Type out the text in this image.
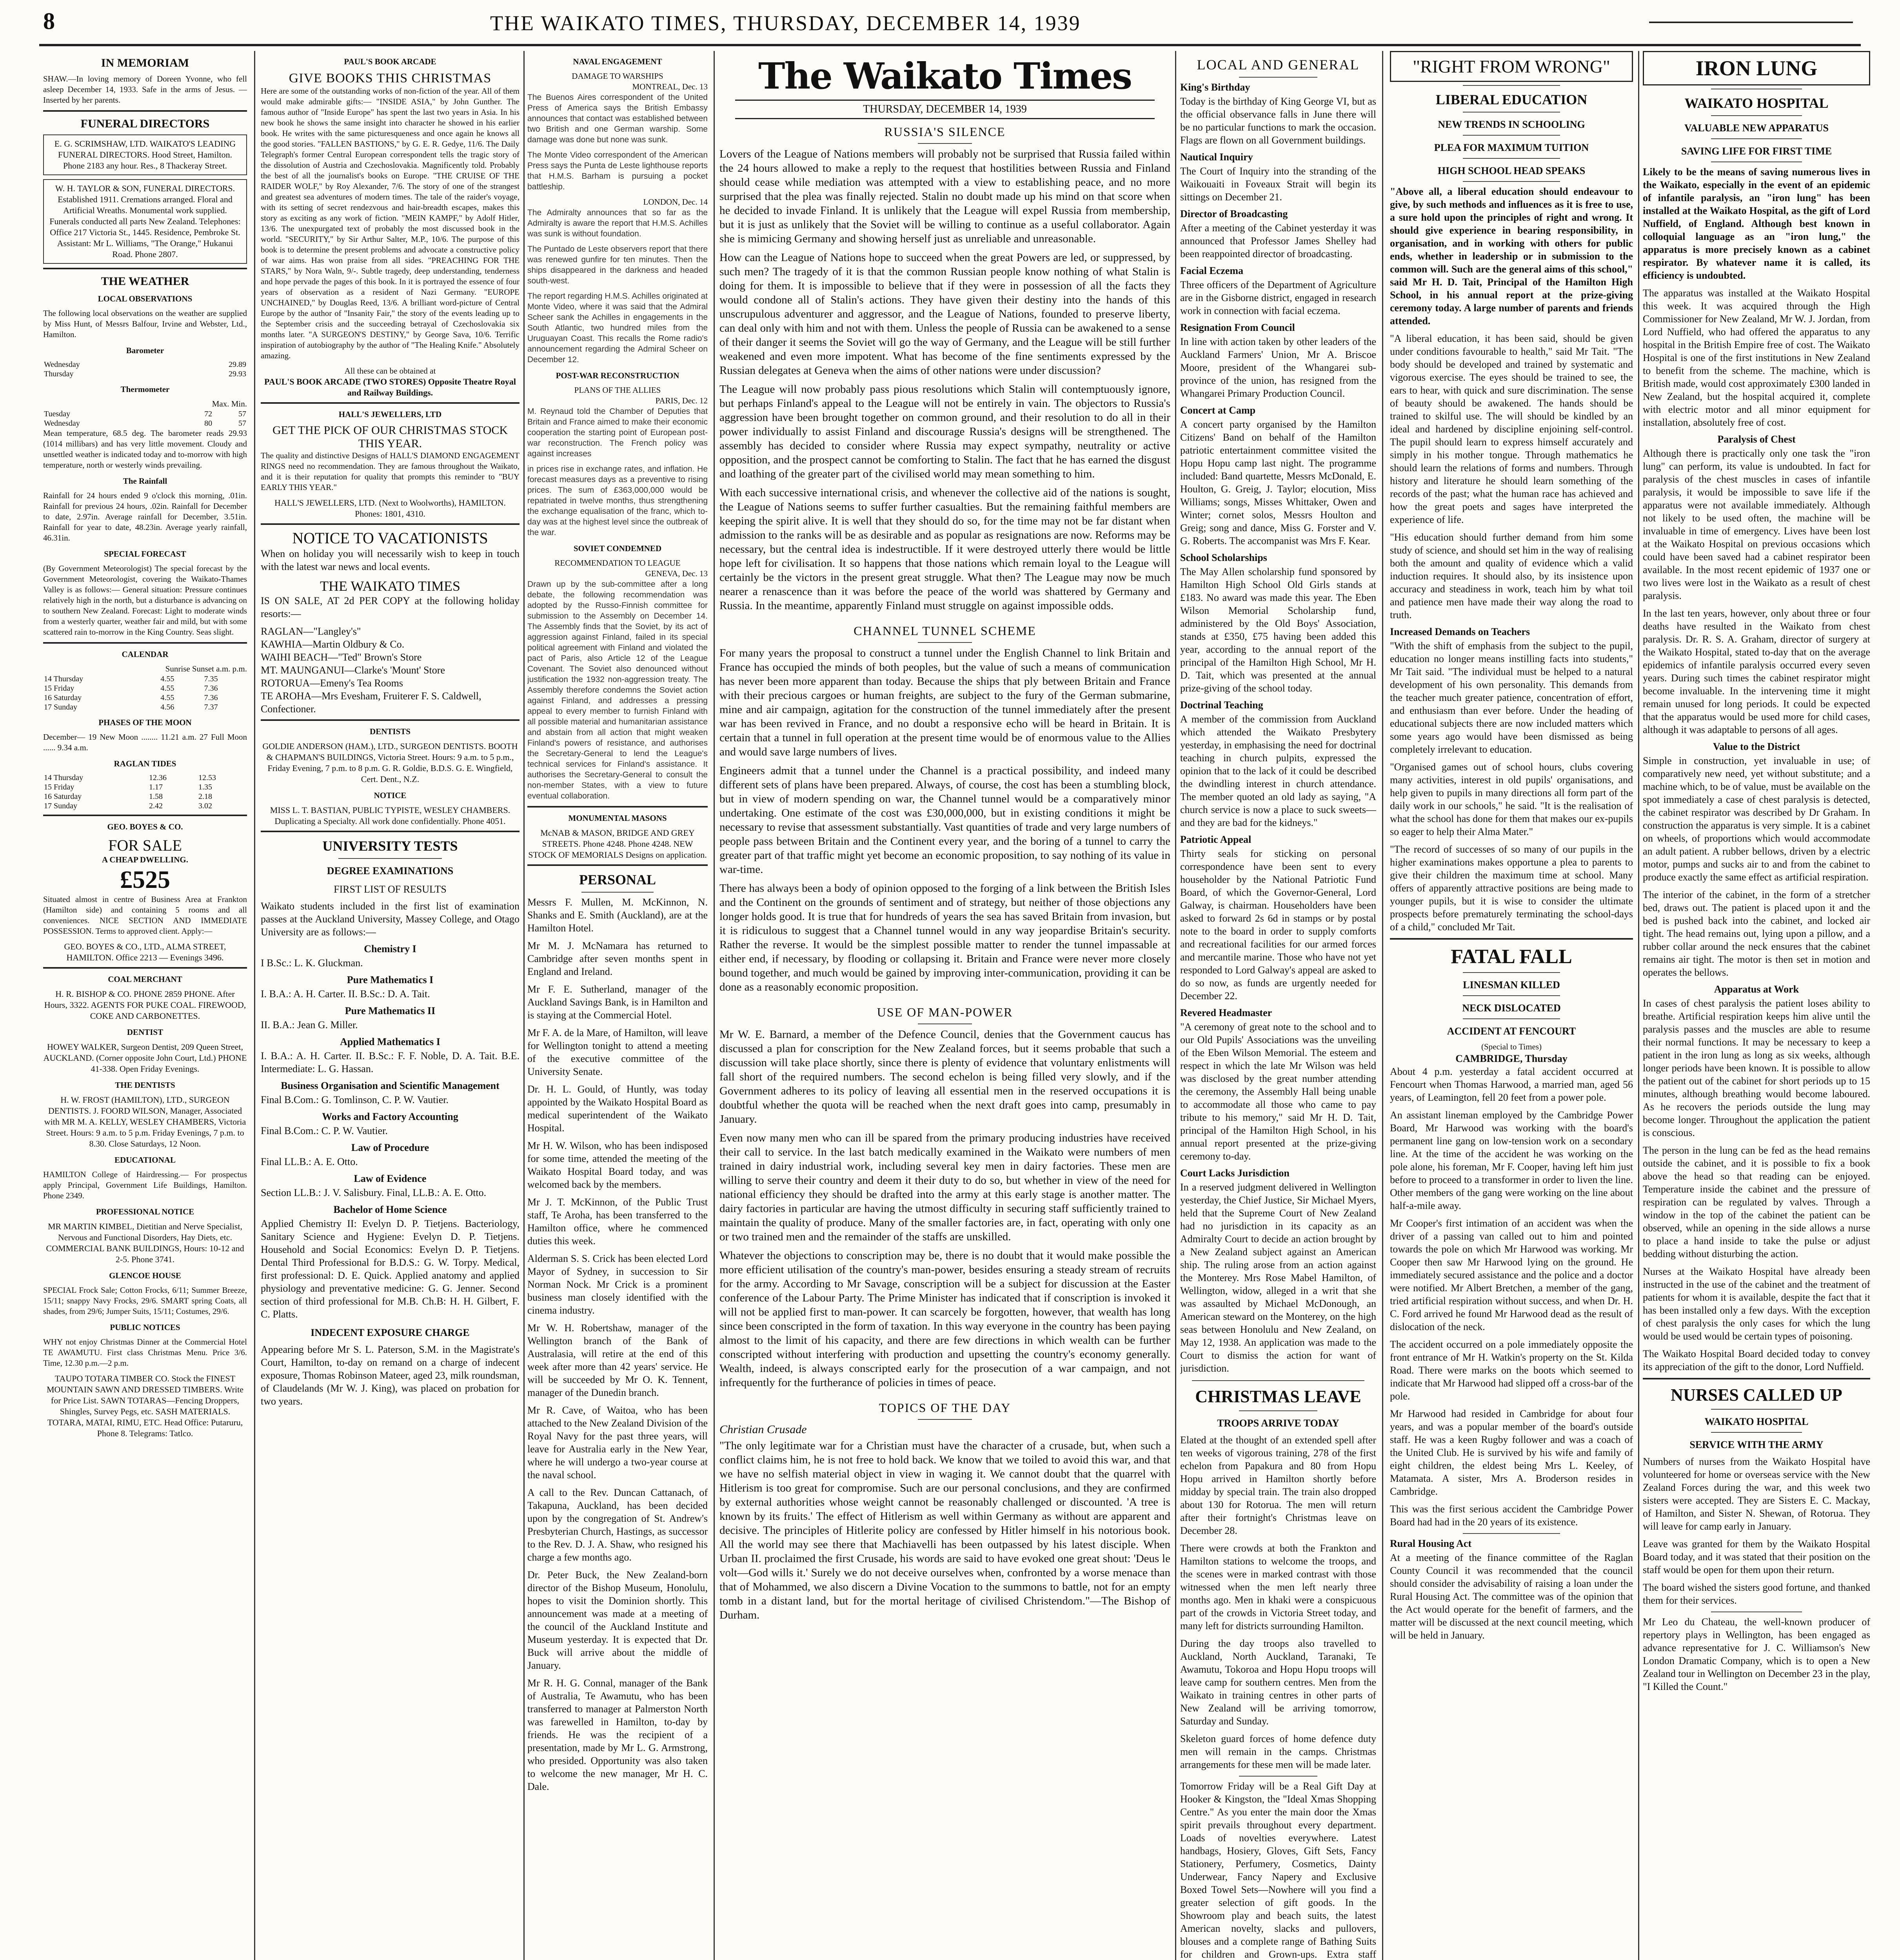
8	THE WAIKATO TIMES, THURSDAY, DECEMBER 14, 1939
IN MEMORIAM

SHAW.—In loving memory of Doreen Yvonne, who fell asleep December 14, 1933. Safe in the arms of Jesus. —Inserted by her parents.

FUNERAL DIRECTORS
E. G. SCRIMSHAW, LTD. WAIKATO'S LEADING FUNERAL DIRECTORS. Hood Street, Hamilton. Phone 2183 any hour. Res., 8 Thackeray Street.
W. H. TAYLOR & SON, FUNERAL DIRECTORS. Established 1911. Cremations arranged. Floral and Artificial Wreaths. Monumental work supplied. Funerals conducted all parts New Zealand. Telephones: Office 217 Victoria St., 1445. Residence, Pembroke St. Assistant: Mr L. Williams, "The Orange," Hukanui Road. Phone 2807.
THE WEATHER
LOCAL OBSERVATIONS

The following local observations on the weather are supplied by Miss Hunt, of Messrs Balfour, Irvine and Webster, Ltd., Hamilton.

Barometer
Wednesday	29.89
Thursday	29.93
Thermometer
Max. Min.
Tuesday	72	57
Wednesday	80	57

Mean temperature, 68.5 deg. The barometer reads 29.93 (1014 millibars) and has very little movement. Cloudy and unsettled weather is indicated today and to-morrow with high temperature, north or westerly winds prevailing.

The Rainfall

Rainfall for 24 hours ended 9 o'clock this morning, .01in. Rainfall for previous 24 hours, .02in. Rainfall for December to date, 2.97in. Average rainfall for December, 3.51in. Rainfall for year to date, 48.23in. Average yearly rainfall, 46.31in.

SPECIAL FORECAST

(By Government Meteorologist) The special forecast by the Government Meteorologist, covering the Waikato-Thames Valley is as follows:— General situation: Pressure continues relatively high in the north, but a disturbance is advancing on to southern New Zealand. Forecast: Light to moderate winds from a westerly quarter, weather fair and mild, but with some scattered rain to-morrow in the King Country. Seas slight.

CALENDAR
Sunrise Sunset a.m. p.m.
14 Thursday	4.55	7.35
15 Friday	4.55	7.36
16 Saturday	4.55	7.36
17 Sunday	4.56	7.37
PHASES OF THE MOON

December— 19 New Moon ........ 11.21 a.m. 27 Full Moon ...... 9.34 a.m.

RAGLAN TIDES
14 Thursday	12.36	12.53
15 Friday	1.17	1.35
16 Saturday	1.58	2.18
17 Sunday	2.42	3.02
GEO. BOYES & CO.
FOR SALE
A CHEAP DWELLING.
£525

Situated almost in centre of Business Area at Frankton (Hamilton side) and containing 5 rooms and all conveniences. NICE SECTION AND IMMEDIATE POSSESSION. Terms to approved client. Apply:—

GEO. BOYES & CO., LTD., ALMA STREET, HAMILTON. Office 2213 — Evenings 3496.
COAL MERCHANT
H. R. BISHOP & CO. PHONE 2859 PHONE. After Hours, 3322. AGENTS FOR PUKE COAL. FIREWOOD, COKE AND CARBONETTES.
DENTIST
HOWEY WALKER, Surgeon Dentist, 209 Queen Street, AUCKLAND. (Corner opposite John Court, Ltd.) PHONE 41-338. Open Friday Evenings.
THE DENTISTS
H. W. FROST (HAMILTON), LTD., SURGEON DENTISTS. J. FOORD WILSON, Manager, Associated with MR M. A. KELLY, WESLEY CHAMBERS, Victoria Street. Hours: 9 a.m. to 5 p.m. Friday Evenings, 7 p.m. to 8.30. Close Saturdays, 12 Noon.
EDUCATIONAL

HAMILTON College of Hairdressing.— For prospectus apply Principal, Government Life Buildings, Hamilton. Phone 2349.

PROFESSIONAL NOTICE
MR MARTIN KIMBEL, Dietitian and Nerve Specialist, Nervous and Functional Disorders, Hay Diets, etc. COMMERCIAL BANK BUILDINGS, Hours: 10-12 and 2-5. Phone 3741.
GLENCOE HOUSE

SPECIAL Frock Sale; Cotton Frocks, 6/11; Summer Breeze, 15/11; snappy Navy Frocks, 29/6. SMART spring Coats, all shades, from 29/6; Jumper Suits, 15/11; Costumes, 29/6.

PUBLIC NOTICES

WHY not enjoy Christmas Dinner at the Commercial Hotel TE AWAMUTU. First class Christmas Menu. Price 3/6. Time, 12.30 p.m.—2 p.m.

TAUPO TOTARA TIMBER CO. Stock the FINEST MOUNTAIN SAWN AND DRESSED TIMBERS. Write for Price List. SAWN TOTARAS—Fencing Droppers, Shingles, Survey Pegs, etc. SASH MATERIALS. TOTARA, MATAI, RIMU, ETC. Head Office: Putaruru, Phone 8. Telegrams: Tatlco.
PAUL'S BOOK ARCADE
GIVE BOOKS THIS CHRISTMAS

Here are some of the outstanding works of non-fiction of the year. All of them would make admirable gifts:— "INSIDE ASIA," by John Gunther. The famous author of "Inside Europe" has spent the last two years in Asia. In his new book he shows the same insight into character he showed in his earlier book. He writes with the same picturesqueness and once again he knows all the good stories. "FALLEN BASTIONS," by G. E. R. Gedye, 11/6. The Daily Telegraph's former Central European correspondent tells the tragic story of the dissolution of Austria and Czechoslovakia. Magnificently told. Probably the best of all the journalist's books on Europe. "THE CRUISE OF THE RAIDER WOLF," by Roy Alexander, 7/6. The story of one of the strangest and greatest sea adventures of modern times. The tale of the raider's voyage, with its setting of secret rendezvous and hair-breadth escapes, makes this story as exciting as any work of fiction. "MEIN KAMPF," by Adolf Hitler, 13/6. The unexpurgated text of probably the most discussed book in the world. "SECURITY," by Sir Arthur Salter, M.P., 10/6. The purpose of this book is to determine the present problems and advocate a constructive policy of war aims. Has won praise from all sides. "PREACHING FOR THE STARS," by Nora Waln, 9/-. Subtle tragedy, deep understanding, tenderness and hope pervade the pages of this book. In it is portrayed the essence of four years of observation as a resident of Nazi Germany. "EUROPE UNCHAINED," by Douglas Reed, 13/6. A brilliant word-picture of Central Europe by the author of "Insanity Fair," the story of the events leading up to the September crisis and the succeeding betrayal of Czechoslovakia six months later. "A SURGEON'S DESTINY," by George Sava, 10/6. Terrific inspiration of autobiography by the author of "The Healing Knife." Absolutely amazing.

All these can be obtained at
PAUL'S BOOK ARCADE (TWO STORES) Opposite Theatre Royal and Railway Buildings.
HALL'S JEWELLERS, LTD
GET THE PICK OF OUR CHRISTMAS STOCK THIS YEAR.

The quality and distinctive Designs of HALL'S DIAMOND ENGAGEMENT RINGS need no recommendation. They are famous throughout the Waikato, and it is their reputation for quality that prompts this reminder to "BUY EARLY THIS YEAR."

HALL'S JEWELLERS, LTD. (Next to Woolworths), HAMILTON. Phones: 1801, 4310.
NOTICE TO VACATIONISTS

When on holiday you will necessarily wish to keep in touch with the latest war news and local events.

THE WAIKATO TIMES

IS ON SALE, AT 2d PER COPY at the following holiday resorts:—

RAGLAN—"Langley's"
KAWHIA—Martin Oldbury & Co.
WAIHI BEACH—"Ted" Brown's Store
MT. MAUNGANUI—Clarke's 'Mount' Store
ROTORUA—Emeny's Tea Rooms
TE AROHA—Mrs Evesham, Fruiterer F. S. Caldwell, Confectioner.
DENTISTS
GOLDIE ANDERSON (HAM.), LTD., SURGEON DENTISTS. BOOTH & CHAPMAN'S BUILDINGS, Victoria Street. Hours: 9 a.m. to 5 p.m., Friday Evening, 7 p.m. to 8 p.m. G. R. Goldie, B.D.S. G. E. Wingfield, Cert. Dent., N.Z.
NOTICE
MISS L. T. BASTIAN, PUBLIC TYPISTE, WESLEY CHAMBERS. Duplicating a Specialty. All work done confidentially. Phone 4051.
UNIVERSITY TESTS
DEGREE EXAMINATIONS
FIRST LIST OF RESULTS

Waikato students included in the first list of examination passes at the Auckland University, Massey College, and Otago University are as follows:—

Chemistry I

I B.Sc.: L. K. Gluckman.

Pure Mathematics I

I. B.A.: A. H. Carter. II. B.Sc.: D. A. Tait.

Pure Mathematics II

II. B.A.: Jean G. Miller.

Applied Mathematics I

I. B.A.: A. H. Carter. II. B.Sc.: F. F. Noble, D. A. Tait. B.E. Intermediate: L. G. Hassan.

Business Organisation and Scientific Management

Final B.Com.: G. Tomlinson, C. P. W. Vautier.

Works and Factory Accounting

Final B.Com.: C. P. W. Vautier.

Law of Procedure

Final LL.B.: A. E. Otto.

Law of Evidence

Section LL.B.: J. V. Salisbury. Final, LL.B.: A. E. Otto.

Bachelor of Home Science

Applied Chemistry II: Evelyn D. P. Tietjens. Bacteriology, Sanitary Science and Hygiene: Evelyn D. P. Tietjens. Household and Social Economics: Evelyn D. P. Tietjens. Dental Third Professional for B.D.S.: G. W. Torpy. Medical, first professional: D. E. Quick. Applied anatomy and applied physiology and preventative medicine: G. G. Jenner. Second section of third professional for M.B. Ch.B: H. H. Gilbert, F. C. Platts.

INDECENT EXPOSURE CHARGE

Appearing before Mr S. L. Paterson, S.M. in the Magistrate's Court, Hamilton, to-day on remand on a charge of indecent exposure, Thomas Robinson Mateer, aged 23, milk roundsman, of Claudelands (Mr W. J. King), was placed on probation for two years.

NAVAL ENGAGEMENT
DAMAGE TO WARSHIPS
MONTREAL, Dec. 13

The Buenos Aires correspondent of the United Press of America says the British Embassy announces that contact was established between two British and one German warship. Some damage was done but none was sunk.

The Monte Video correspondent of the American Press says the Punta de Leste lighthouse reports that H.M.S. Barham is pursuing a pocket battleship.

LONDON, Dec. 14

The Admiralty announces that so far as the Admiralty is aware the report that H.M.S. Achilles was sunk is without foundation.

The Puntado de Leste observers report that there was renewed gunfire for ten minutes. Then the ships disappeared in the darkness and headed south-west.

The report regarding H.M.S. Achilles originated at Monte Video, where it was said that the Admiral Scheer sank the Achilles in engagements in the South Atlantic, two hundred miles from the Uruguayan Coast. This recalls the Rome radio's announcement regarding the Admiral Scheer on December 12.

POST-WAR RECONSTRUCTION
PLANS OF THE ALLIES
PARIS, Dec. 12

M. Reynaud told the Chamber of Deputies that Britain and France aimed to make their economic cooperation the starting point of European post-war reconstruction. The French policy was against increases

in prices rise in exchange rates, and inflation. He forecast measures days as a preventive to rising prices. The sum of £363,000,000 would be repatriated in twelve months, thus strengthening the exchange equalisation of the franc, which to-day was at the highest level since the outbreak of the war.

SOVIET CONDEMNED
RECOMMENDATION TO LEAGUE
GENEVA, Dec. 13

Drawn up by the sub-committee after a long debate, the following recommendation was adopted by the Russo-Finnish committee for submission to the Assembly on December 14. The Assembly finds that the Soviet, by its act of aggression against Finland, failed in its special political agreement with Finland and violated the pact of Paris, also Article 12 of the League Covenant. The Soviet also denounced without justification the 1932 non-aggression treaty. The Assembly therefore condemns the Soviet action against Finland, and addresses a pressing appeal to every member to furnish Finland with all possible material and humanitarian assistance and abstain from all action that might weaken Finland's powers of resistance, and authorises the Secretary-General to lend the League's technical services for Finland's assistance. It authorises the Secretary-General to consult the non-member States, with a view to future eventual collaboration.

MONUMENTAL MASONS
McNAB & MASON, BRIDGE AND GREY STREETS. Phone 4248. Phone 4248. NEW STOCK OF MEMORIALS Designs on application.
PERSONAL

Messrs F. Mullen, M. McKinnon, N. Shanks and E. Smith (Auckland), are at the Hamilton Hotel.

Mr M. J. McNamara has returned to Cambridge after seven months spent in England and Ireland.

Mr F. E. Sutherland, manager of the Auckland Savings Bank, is in Hamilton and is staying at the Commercial Hotel.

Mr F. A. de la Mare, of Hamilton, will leave for Wellington tonight to attend a meeting of the executive committee of the University Senate.

Dr. H. L. Gould, of Huntly, was today appointed by the Waikato Hospital Board as medical superintendent of the Waikato Hospital.

Mr H. W. Wilson, who has been indisposed for some time, attended the meeting of the Waikato Hospital Board today, and was welcomed back by the members.

Mr J. T. McKinnon, of the Public Trust staff, Te Aroha, has been transferred to the Hamilton office, where he commenced duties this week.

Alderman S. S. Crick has been elected Lord Mayor of Sydney, in succession to Sir Norman Nock. Mr Crick is a prominent business man closely identified with the cinema industry.

Mr W. H. Robertshaw, manager of the Wellington branch of the Bank of Australasia, will retire at the end of this week after more than 42 years' service. He will be succeeded by Mr O. K. Tennent, manager of the Dunedin branch.

Mr R. Cave, of Waitoa, who has been attached to the New Zealand Division of the Royal Navy for the past three years, will leave for Australia early in the New Year, where he will undergo a two-year course at the naval school.

A call to the Rev. Duncan Cattanach, of Takapuna, Auckland, has been decided upon by the congregation of St. Andrew's Presbyterian Church, Hastings, as successor to the Rev. D. J. A. Shaw, who resigned his charge a few months ago.

Dr. Peter Buck, the New Zealand-born director of the Bishop Museum, Honolulu, hopes to visit the Dominion shortly. This announcement was made at a meeting of the council of the Auckland Institute and Museum yesterday. It is expected that Dr. Buck will arrive about the middle of January.

Mr R. H. G. Connal, manager of the Bank of Australia, Te Awamutu, who has been transferred to manager at Palmerston North was farewelled in Hamilton, to-day by friends. He was the recipient of a presentation, made by Mr L. G. Armstrong, who presided. Opportunity was also taken to welcome the new manager, Mr H. C. Dale.

The Waikato Times
THURSDAY, DECEMBER 14, 1939
RUSSIA'S SILENCE

Lovers of the League of Nations members will probably not be surprised that Russia failed within the 24 hours allowed to make a reply to the request that hostilities between Russia and Finland should cease while mediation was attempted with a view to establishing peace, and no more surprised that the plea was finally rejected. Stalin no doubt made up his mind on that score when he decided to invade Finland. It is unlikely that the League will expel Russia from membership, but it is just as unlikely that the Soviet will be willing to continue as a useful collaborator. Again she is mimicing Germany and showing herself just as unreliable and unreasonable.

How can the League of Nations hope to succeed when the great Powers are led, or suppressed, by such men? The tragedy of it is that the common Russian people know nothing of what Stalin is doing for them. It is impossible to believe that if they were in possession of all the facts they would condone all of Stalin's actions. They have given their destiny into the hands of this unscrupulous adventurer and aggressor, and the League of Nations, founded to preserve liberty, can deal only with him and not with them. Unless the people of Russia can be awakened to a sense of their danger it seems the Soviet will go the way of Germany, and the League will be still further weakened and even more impotent. What has become of the fine sentiments expressed by the Russian delegates at Geneva when the aims of other nations were under discussion?

The League will now probably pass pious resolutions which Stalin will contemptuously ignore, but perhaps Finland's appeal to the League will not be entirely in vain. The objectors to Russia's aggression have been brought together on common ground, and their resolution to do all in their power individually to assist Finland and discourage Russia's designs will be strengthened. The assembly has decided to consider where Russia may expect sympathy, neutrality or active opposition, and the prospect cannot be comforting to Stalin. The fact that he has earned the disgust and loathing of the greater part of the civilised world may mean something to him.

With each successive international crisis, and whenever the collective aid of the nations is sought, the League of Nations seems to suffer further casualties. But the remaining faithful members are keeping the spirit alive. It is well that they should do so, for the time may not be far distant when admission to the ranks will be as desirable and as popular as resignations are now. Reforms may be necessary, but the central idea is indestructible. If it were destroyed utterly there would be little hope left for civilisation. It so happens that those nations which remain loyal to the League will certainly be the victors in the present great struggle. What then? The League may now be much nearer a renascence than it was before the peace of the world was shattered by Germany and Russia. In the meantime, apparently Finland must struggle on against impossible odds.

CHANNEL TUNNEL SCHEME

For many years the proposal to construct a tunnel under the English Channel to link Britain and France has occupied the minds of both peoples, but the value of such a means of communication has never been more apparent than today. Because the ships that ply between Britain and France with their precious cargoes or human freights, are subject to the fury of the German submarine, mine and air campaign, agitation for the construction of the tunnel immediately after the present war has been revived in France, and no doubt a responsive echo will be heard in Britain. It is certain that a tunnel in full operation at the present time would be of enormous value to the Allies and would save large numbers of lives.

Engineers admit that a tunnel under the Channel is a practical possibility, and indeed many different sets of plans have been prepared. Always, of course, the cost has been a stumbling block, but in view of modern spending on war, the Channel tunnel would be a comparatively minor undertaking. One estimate of the cost was £30,000,000, but in existing conditions it might be necessary to revise that assessment substantially. Vast quantities of trade and very large numbers of people pass between Britain and the Continent every year, and the boring of a tunnel to carry the greater part of that traffic might yet become an economic proposition, to say nothing of its value in war-time.

There has always been a body of opinion opposed to the forging of a link between the British Isles and the Continent on the grounds of sentiment and of strategy, but neither of those objections any longer holds good. It is true that for hundreds of years the sea has saved Britain from invasion, but it is ridiculous to suggest that a Channel tunnel would in any way jeopardise Britain's security. Rather the reverse. It would be the simplest possible matter to render the tunnel impassable at either end, if necessary, by flooding or collapsing it. Britain and France were never more closely bound together, and much would be gained by improving inter-communication, providing it can be done as a reasonably economic proposition.

USE OF MAN-POWER

Mr W. E. Barnard, a member of the Defence Council, denies that the Government caucus has discussed a plan for conscription for the New Zealand forces, but it seems probable that such a discussion will take place shortly, since there is plenty of evidence that voluntary enlistments will fall short of the required numbers. The second echelon is being filled very slowly, and if the Government adheres to its policy of leaving all essential men in the reserved occupations it is doubtful whether the quota will be reached when the next draft goes into camp, presumably in January.

Even now many men who can ill be spared from the primary producing industries have received their call to service. In the last batch medically examined in the Waikato were numbers of men trained in dairy industrial work, including several key men in dairy factories. These men are willing to serve their country and deem it their duty to do so, but whether in view of the need for national efficiency they should be drafted into the army at this early stage is another matter. The dairy factories in particular are having the utmost difficulty in securing staff sufficiently trained to maintain the quality of produce. Many of the smaller factories are, in fact, operating with only one or two trained men and the remainder of the staffs are unskilled.

Whatever the objections to conscription may be, there is no doubt that it would make possible the more efficient utilisation of the country's man-power, besides ensuring a steady stream of recruits for the army. According to Mr Savage, conscription will be a subject for discussion at the Easter conference of the Labour Party. The Prime Minister has indicated that if conscription is invoked it will not be applied first to man-power. It can scarcely be forgotten, however, that wealth has long since been conscripted in the form of taxation. In this way everyone in the country has been paying almost to the limit of his capacity, and there are few directions in which wealth can be further conscripted without interfering with production and upsetting the country's economy generally. Wealth, indeed, is always conscripted early for the prosecution of a war campaign, and not infrequently for the furtherance of policies in times of peace.

TOPICS OF THE DAY
Christian Crusade

"The only legitimate war for a Christian must have the character of a crusade, but, when such a conflict claims him, he is not free to hold back. We know that we toiled to avoid this war, and that we have no selfish material object in view in waging it. We cannot doubt that the quarrel with Hitlerism is too great for compromise. Such are our personal conclusions, and they are confirmed by external authorities whose weight cannot be reasonably challenged or discounted. 'A tree is known by its fruits.' The effect of Hitlerism as well within Germany as without are apparent and decisive. The principles of Hitlerite policy are confessed by Hitler himself in his notorious book. All the world may see there that Machiavelli has been outpassed by his latest disciple. When Urban II. proclaimed the first Crusade, his words are said to have evoked one great shout: 'Deus le volt—God wills it.' Surely we do not deceive ourselves when, confronted by a worse menace than that of Mohammed, we also discern a Divine Vocation to the summons to battle, not for an empty tomb in a distant land, but for the mortal heritage of civilised Christendom."—The Bishop of Durham.

LOCAL AND GENERAL
King's Birthday

Today is the birthday of King George VI, but as the official observance falls in June there will be no particular functions to mark the occasion. Flags are flown on all Government buildings.

Nautical Inquiry

The Court of Inquiry into the stranding of the Waikouaiti in Foveaux Strait will begin its sittings on December 21.

Director of Broadcasting

After a meeting of the Cabinet yesterday it was announced that Professor James Shelley had been reappointed director of broadcasting.

Facial Eczema

Three officers of the Department of Agriculture are in the Gisborne district, engaged in research work in connection with facial eczema.

Resignation From Council

In line with action taken by other leaders of the Auckland Farmers' Union, Mr A. Briscoe Moore, president of the Whangarei sub-province of the union, has resigned from the Whangarei Primary Production Council.

Concert at Camp

A concert party organised by the Hamilton Citizens' Band on behalf of the Hamilton patriotic entertainment committee visited the Hopu Hopu camp last night. The programme included: Band quartette, Messrs McDonald, E. Houlton, G. Greig, J. Taylor; elocution, Miss Williams; songs, Misses Whittaker, Owen and Winter; cornet solos, Messrs Houlton and Greig; song and dance, Miss G. Forster and V. G. Roberts. The accompanist was Mrs F. Kear.

School Scholarships

The May Allen scholarship fund sponsored by Hamilton High School Old Girls stands at £183. No award was made this year. The Eben Wilson Memorial Scholarship fund, administered by the Old Boys' Association, stands at £350, £75 having been added this year, according to the annual report of the principal of the Hamilton High School, Mr H. D. Tait, which was presented at the annual prize-giving of the school today.

Doctrinal Teaching

A member of the commission from Auckland which attended the Waikato Presbytery yesterday, in emphasising the need for doctrinal teaching in church pulpits, expressed the opinion that to the lack of it could be described the dwindling interest in church attendance. The member quoted an old lady as saying, "A church service is now a place to suck sweets—and they are bad for the kidneys."

Patriotic Appeal

Thirty seals for sticking on personal correspondence have been sent to every householder by the National Patriotic Fund Board, of which the Governor-General, Lord Galway, is chairman. Householders have been asked to forward 2s 6d in stamps or by postal note to the board in order to supply comforts and recreational facilities for our armed forces and mercantile marine. Those who have not yet responded to Lord Galway's appeal are asked to do so now, as funds are urgently needed for December 22.

Revered Headmaster

"A ceremony of great note to the school and to our Old Pupils' Associations was the unveiling of the Eben Wilson Memorial. The esteem and respect in which the late Mr Wilson was held was disclosed by the great number attending the ceremony, the Assembly Hall being unable to accommodate all those who came to pay tribute to his memory," said Mr H. D. Tait, principal of the Hamilton High School, in his annual report presented at the prize-giving ceremony to-day.

Court Lacks Jurisdiction

In a reserved judgment delivered in Wellington yesterday, the Chief Justice, Sir Michael Myers, held that the Supreme Court of New Zealand had no jurisdiction in its capacity as an Admiralty Court to decide an action brought by a New Zealand subject against an American ship. The ruling arose from an action against the Monterey. Mrs Rose Mabel Hamilton, of Wellington, widow, alleged in a writ that she was assaulted by Michael McDonough, an American steward on the Monterey, on the high seas between Honolulu and New Zealand, on May 12, 1938. An application was made to the Court to dismiss the action for want of jurisdiction.

CHRISTMAS LEAVE
TROOPS ARRIVE TODAY

Elated at the thought of an extended spell after ten weeks of vigorous training, 278 of the first echelon from Papakura and 80 from Hopu Hopu arrived in Hamilton shortly before midday by special train. The train also dropped about 130 for Rotorua. The men will return after their fortnight's Christmas leave on December 28.

There were crowds at both the Frankton and Hamilton stations to welcome the troops, and the scenes were in marked contrast with those witnessed when the men left nearly three months ago. Men in khaki were a conspicuous part of the crowds in Victoria Street today, and many left for districts surrounding Hamilton.

During the day troops also travelled to Auckland, North Auckland, Taranaki, Te Awamutu, Tokoroa and Hopu Hopu troops will leave camp for southern centres. Men from the Waikato in training centres in other parts of New Zealand will be arriving tomorrow, Saturday and Sunday.

Skeleton guard forces of home defence duty men will remain in the camps. Christmas arrangements for these men will be made later.

Tomorrow Friday will be a Real Gift Day at Hooker & Kingston, the "Ideal Xmas Shopping Centre." As you enter the main door the Xmas spirit prevails throughout every department. Loads of novelties everywhere. Latest handbags, Hosiery, Gloves, Gift Sets, Fancy Stationery, Perfumery, Cosmetics, Dainty Underwear, Fancy Napery and Exclusive Boxed Towel Sets—Nowhere will you find a greater selection of gift goods. In the Showroom play and beach suits, the latest American novelty, slacks and pullovers, blouses and a complete range of Bathing Suits for children and Grown-ups. Extra staff

"RIGHT FROM WRONG"
LIBERAL EDUCATION
NEW TRENDS IN SCHOOLING
PLEA FOR MAXIMUM TUITION
HIGH SCHOOL HEAD SPEAKS

"Above all, a liberal education should endeavour to give, by such methods and influences as it is free to use, a sure hold upon the principles of right and wrong. It should give experience in bearing responsibility, in organisation, and in working with others for public ends, whether in leadership or in submission to the common will. Such are the general aims of this school," said Mr H. D. Tait, Principal of the Hamilton High School, in his annual report at the prize-giving ceremony today. A large number of parents and friends attended.

"A liberal education, it has been said, should be given under conditions favourable to health," said Mr Tait. "The body should be developed and trained by systematic and vigorous exercise. The eyes should be trained to see, the ears to hear, with quick and sure discrimination. The sense of beauty should be awakened. The hands should be trained to skilful use. The will should be kindled by an ideal and hardened by discipline enjoining self-control. The pupil should learn to express himself accurately and simply in his mother tongue. Through mathematics he should learn the relations of forms and numbers. Through history and literature he should learn something of the records of the past; what the human race has achieved and how the great poets and sages have interpreted the experience of life.

"His education should further demand from him some study of science, and should set him in the way of realising both the amount and quality of evidence which a valid induction requires. It should also, by its insistence upon accuracy and steadiness in work, teach him by what toil and patience men have made their way along the road to truth.

Increased Demands on Teachers

"With the shift of emphasis from the subject to the pupil, education no longer means instilling facts into students," Mr Tait said. "The individual must be helped to a natural development of his own personality. This demands from the teacher much greater patience, concentration of effort, and enthusiasm than ever before. Under the heading of educational subjects there are now included matters which some years ago would have been dismissed as being completely irrelevant to education.

"Organised games out of school hours, clubs covering many activities, interest in old pupils' organisations, and help given to pupils in many directions all form part of the daily work in our schools," he said. "It is the realisation of what the school has done for them that makes our ex-pupils so eager to help their Alma Mater."

"The record of successes of so many of our pupils in the higher examinations makes opportune a plea to parents to give their children the maximum time at school. Many offers of apparently attractive positions are being made to younger pupils, but it is wise to consider the ultimate prospects before prematurely terminating the school-days of a child," concluded Mr Tait.

FATAL FALL
LINESMAN KILLED
NECK DISLOCATED
ACCIDENT AT FENCOURT
(Special to Times)
CAMBRIDGE, Thursday

About 4 p.m. yesterday a fatal accident occurred at Fencourt when Thomas Harwood, a married man, aged 56 years, of Leamington, fell 20 feet from a power pole.

An assistant lineman employed by the Cambridge Power Board, Mr Harwood was working with the board's permanent line gang on low-tension work on a secondary line. At the time of the accident he was working on the pole alone, his foreman, Mr F. Cooper, having left him just before to proceed to a transformer in order to liven the line. Other members of the gang were working on the line about half-a-mile away.

Mr Cooper's first intimation of an accident was when the driver of a passing van called out to him and pointed towards the pole on which Mr Harwood was working. Mr Cooper then saw Mr Harwood lying on the ground. He immediately secured assistance and the police and a doctor were notified. Mr Albert Bretchen, a member of the gang, tried artificial respiration without success, and when Dr. H. C. Ford arrived he found Mr Harwood dead as the result of dislocation of the neck.

The accident occurred on a pole immediately opposite the front entrance of Mr H. Watkin's property on the St. Kilda Road. There were marks on the boots which seemed to indicate that Mr Harwood had slipped off a cross-bar of the pole.

Mr Harwood had resided in Cambridge for about four years, and was a popular member of the board's outside staff. He was a keen Rugby follower and was a coach of the United Club. He is survived by his wife and family of eight children, the eldest being Mrs L. Keeley, of Matamata. A sister, Mrs A. Broderson resides in Cambridge.

This was the first serious accident the Cambridge Power Board had had in the 20 years of its existence.

Rural Housing Act

At a meeting of the finance committee of the Raglan County Council it was recommended that the council should consider the advisability of raising a loan under the Rural Housing Act. The committee was of the opinion that the Act would operate for the benefit of farmers, and the matter will be discussed at the next council meeting, which will be held in January.

IRON LUNG
WAIKATO HOSPITAL
VALUABLE NEW APPARATUS
SAVING LIFE FOR FIRST TIME

Likely to be the means of saving numerous lives in the Waikato, especially in the event of an epidemic of infantile paralysis, an "iron lung" has been installed at the Waikato Hospital, as the gift of Lord Nuffield, of England. Although best known in colloquial language as an "iron lung," the apparatus is more precisely known as a cabinet respirator. By whatever name it is called, its efficiency is undoubted.

The apparatus was installed at the Waikato Hospital this week. It was acquired through the High Commissioner for New Zealand, Mr W. J. Jordan, from Lord Nuffield, who had offered the apparatus to any hospital in the British Empire free of cost. The Waikato Hospital is one of the first institutions in New Zealand to benefit from the scheme. The machine, which is British made, would cost approximately £300 landed in New Zealand, but the hospital acquired it, complete with electric motor and all minor equipment for installation, absolutely free of cost.

Paralysis of Chest

Although there is practically only one task the "iron lung" can perform, its value is undoubted. In fact for paralysis of the chest muscles in cases of infantile paralysis, it would be impossible to save life if the apparatus were not available immediately. Although not likely to be used often, the machine will be invaluable in time of emergency. Lives have been lost at the Waikato Hospital on previous occasions which could have been saved had a cabinet respirator been available. In the most recent epidemic of 1937 one or two lives were lost in the Waikato as a result of chest paralysis.

In the last ten years, however, only about three or four deaths have resulted in the Waikato from chest paralysis. Dr. R. S. A. Graham, director of surgery at the Waikato Hospital, stated to-day that on the average epidemics of infantile paralysis occurred every seven years. During such times the cabinet respirator might become invaluable. In the intervening time it might remain unused for long periods. It could be expected that the apparatus would be used more for child cases, although it was adaptable to persons of all ages.

Value to the District

Simple in construction, yet invaluable in use; of comparatively new need, yet without substitute; and a machine which, to be of value, must be available on the spot immediately a case of chest paralysis is detected, the cabinet respirator was described by Dr Graham. In construction the apparatus is very simple. It is a cabinet on wheels, of proportions which would accommodate an adult patient. A rubber bellows, driven by a electric motor, pumps and sucks air to and from the cabinet to produce exactly the same effect as artificial respiration.

The interior of the cabinet, in the form of a stretcher bed, draws out. The patient is placed upon it and the bed is pushed back into the cabinet, and locked air tight. The head remains out, lying upon a pillow, and a rubber collar around the neck ensures that the cabinet remains air tight. The motor is then set in motion and operates the bellows.

Apparatus at Work

In cases of chest paralysis the patient loses ability to breathe. Artificial respiration keeps him alive until the paralysis passes and the muscles are able to resume their normal functions. It may be necessary to keep a patient in the iron lung as long as six weeks, although longer periods have been known. It is possible to allow the patient out of the cabinet for short periods up to 15 minutes, although breathing would become laboured. As he recovers the periods outside the lung may become longer. Throughout the application the patient is conscious.

The person in the lung can be fed as the head remains outside the cabinet, and it is possible to fix a book above the head so that reading can be enjoyed. Temperature inside the cabinet and the pressure of respiration can be regulated by valves. Through a window in the top of the cabinet the patient can be observed, while an opening in the side allows a nurse to place a hand inside to take the pulse or adjust bedding without disturbing the action.

Nurses at the Waikato Hospital have already been instructed in the use of the cabinet and the treatment of patients for whom it is available, despite the fact that it has been installed only a few days. With the exception of chest paralysis the only cases for which the lung would be used would be certain types of poisoning.

The Waikato Hospital Board decided today to convey its appreciation of the gift to the donor, Lord Nuffield.

NURSES CALLED UP
WAIKATO HOSPITAL
SERVICE WITH THE ARMY

Numbers of nurses from the Waikato Hospital have volunteered for home or overseas service with the New Zealand Forces during the war, and this week two sisters were accepted. They are Sisters E. C. Mackay, of Hamilton, and Sister N. Shewan, of Rotorua. They will leave for camp early in January.

Leave was granted for them by the Waikato Hospital Board today, and it was stated that their position on the staff would be open for them upon their return.

The board wished the sisters good fortune, and thanked them for their services.

Mr Leo du Chateau, the well-known producer of repertory plays in Wellington, has been engaged as advance representative for J. C. Williamson's New London Dramatic Company, which is to open a New Zealand tour in Wellington on December 23 in the play, "I Killed the Count."
